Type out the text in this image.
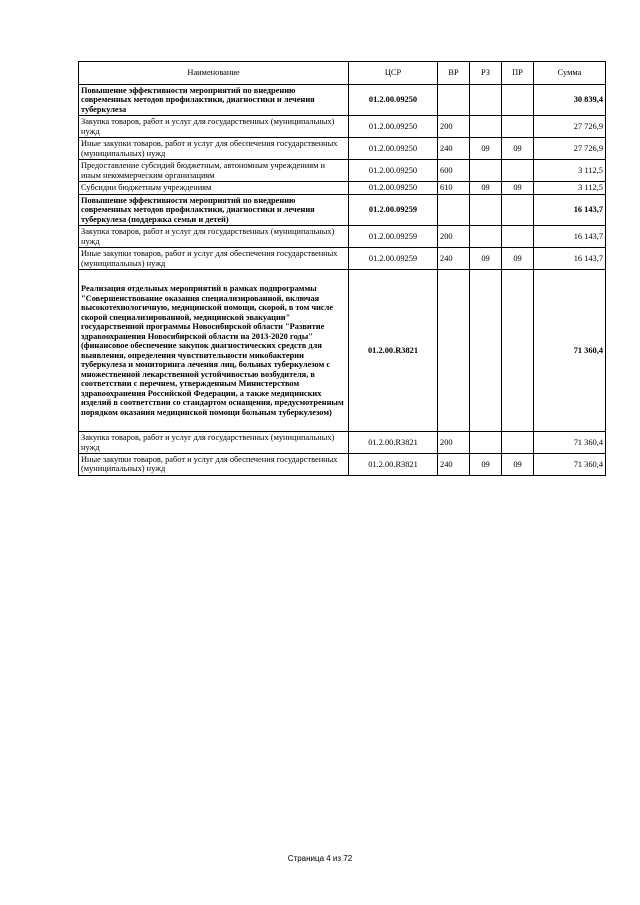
Наименование	ЦСР	ВР	РЗ	ПР	Сумма
Повышение эффективности мероприятий по внедрению современных методов профилактики, диагностики и лечения туберкулеза	01.2.00.09250				30 839,4
Закупка товаров, работ и услуг для государственных (муниципальных) нужд	01.2.00.09250	200			27 726,9
Иные закупки товаров, работ и услуг для обеспечения государственных (муниципальных) нужд	01.2.00.09250	240	09	09	27 726,9
Предоставление субсидий бюджетным, автономным учреждениям и иным некоммерческим организациям	01.2.00.09250	600			3 112,5
Субсидии бюджетным учреждениям	01.2.00.09250	610	09	09	3 112,5
Повышение эффективности мероприятий по внедрению современных методов профилактики, диагностики и лечения туберкулеза (поддержка семьи и детей)	01.2.00.09259				16 143,7
Закупка товаров, работ и услуг для государственных (муниципальных) нужд	01.2.00.09259	200			16 143,7
Иные закупки товаров, работ и услуг для обеспечения государственных (муниципальных) нужд	01.2.00.09259	240	09	09	16 143,7
Реализация отдельных мероприятий в рамках подпрограммы "Совершенствование оказания специализированной, включая высокотехнологичную, медицинской помощи, скорой, в том числе скорой специализированной, медицинской эвакуации" государственной программы Новосибирской области "Развитие здравоохранения Новосибирской области на 2013-2020 годы" (финансовое обеспечение закупок диагностических средств для выявления, определения чувствительности микобактерии туберкулеза и мониторинга лечения лиц, больных туберкулезом с множественной лекарственной устойчивостью возбудителя, в соответствии с перечнем, утвержденным Министерством здравоохранения Российской Федерации, а также медицинских изделий в соответствии со стандартом оснащения, предусмотренным порядком оказания медицинской помощи больным туберкулезом)	01.2.00.R3821				71 360,4
Закупка товаров, работ и услуг для государственных (муниципальных) нужд	01.2.00.R3821	200			71 360,4
Иные закупки товаров, работ и услуг для обеспечения государственных (муниципальных) нужд	01.2.00.R3821	240	09	09	71 360,4
Страница 4 из 72
